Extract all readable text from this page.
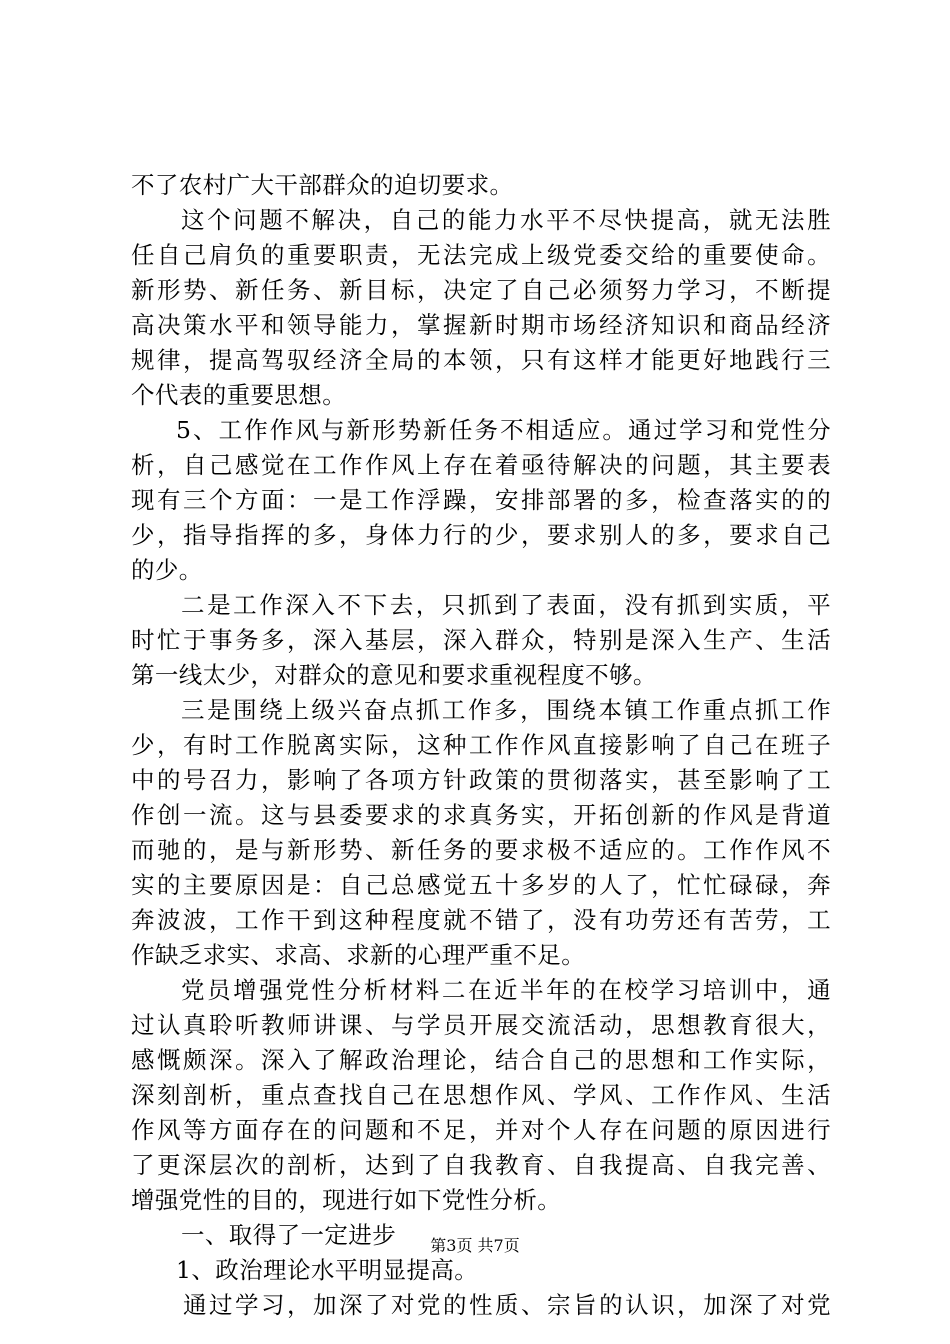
不了农村广大干部群众的迫切要求。
这个问题不解决，自己的能力水平不尽快提高，就无法胜
任自己肩负的重要职责，无法完成上级党委交给的重要使命。
新形势、新任务、新目标，决定了自己必须努力学习，不断提
高决策水平和领导能力，掌握新时期市场经济知识和商品经济
规律，提高驾驭经济全局的本领，只有这样才能更好地践行三
个代表的重要思想。
5、工作作风与新形势新任务不相适应。通过学习和党性分
析，自己感觉在工作作风上存在着亟待解决的问题，其主要表
现有三个方面：一是工作浮躁，安排部署的多，检查落实的的
少，指导指挥的多，身体力行的少，要求别人的多，要求自己
的少。
二是工作深入不下去，只抓到了表面，没有抓到实质，平
时忙于事务多，深入基层，深入群众，特别是深入生产、生活
第一线太少，对群众的意见和要求重视程度不够。
三是围绕上级兴奋点抓工作多，围绕本镇工作重点抓工作
少，有时工作脱离实际，这种工作作风直接影响了自己在班子
中的号召力，影响了各项方针政策的贯彻落实，甚至影响了工
作创一流。这与县委要求的求真务实，开拓创新的作风是背道
而驰的，是与新形势、新任务的要求极不适应的。工作作风不
实的主要原因是：自己总感觉五十多岁的人了，忙忙碌碌，奔
奔波波，工作干到这种程度就不错了，没有功劳还有苦劳，工
作缺乏求实、求高、求新的心理严重不足。
党员增强党性分析材料二在近半年的在校学习培训中，通
过认真聆听教师讲课、与学员开展交流活动，思想教育很大，
感慨颇深。深入了解政治理论，结合自己的思想和工作实际，
深刻剖析，重点查找自己在思想作风、学风、工作作风、生活
作风等方面存在的问题和不足，并对个人存在问题的原因进行
了更深层次的剖析，达到了自我教育、自我提高、自我完善、
增强党性的目的，现进行如下党性分析。
一、取得了一定进步
1、政治理论水平明显提高。
通过学习，加深了对党的性质、宗旨的认识，加深了对党
第3页 共7页
